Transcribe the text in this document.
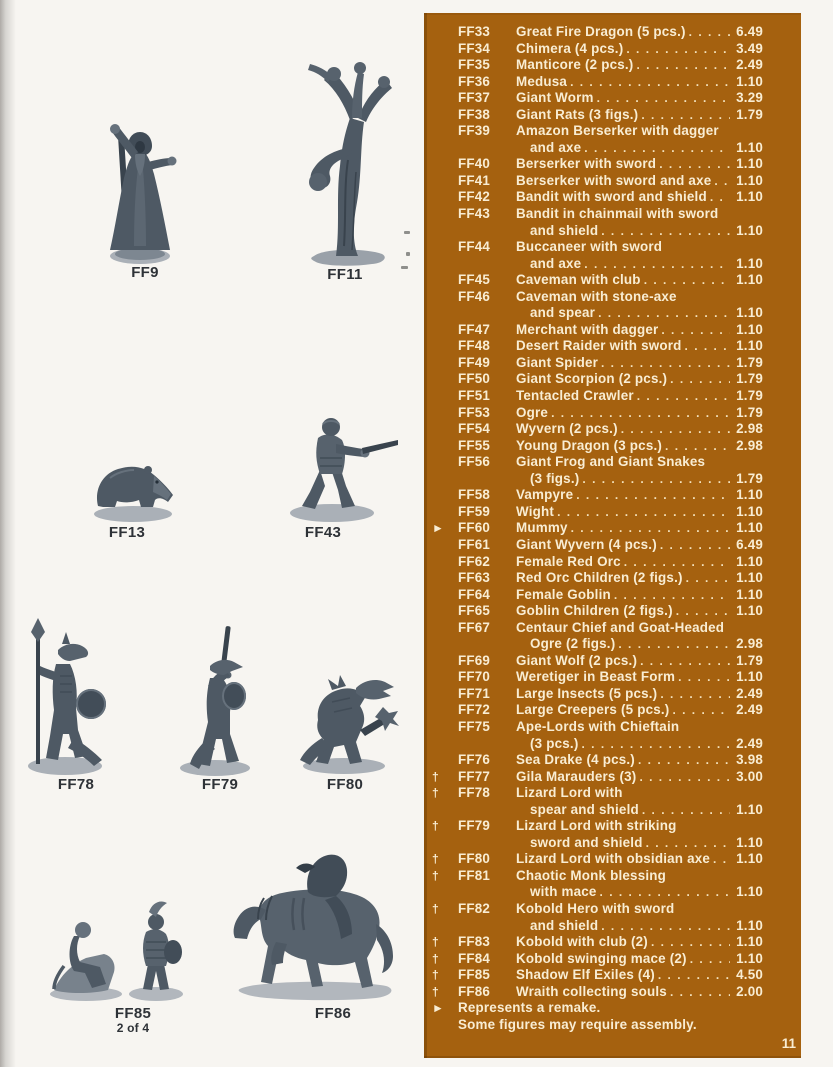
FF9	FF11
FF13	FF43
FF78	FF79	FF80
FF85
2 of 4
FF86
FF33	Great Fire Dragon (5 pcs.) . . .	6.49
FF34	Chimera (4 pcs.) . . .	3.49
FF35	Manticore (2 pcs.) . . .	2.49
FF36	Medusa . . .	1.10
FF37	Giant Worm . . .	3.29
FF38	Giant Rats (3 figs.) . . .	1.79
FF39	Amazon Berserker with dagger
and axe . . .	1.10
FF40	Berserker with sword . . .	1.10
FF41	Berserker with sword and axe . . . 1.10
FF42	Bandit with sword and shield . . . 1.10
FF43	Bandit in chainmail with sword
and shield . . .	1.10
FF44	Buccaneer with sword
and axe . . .	1.10
FF45	Caveman with club . . .	1.10
FF46	Caveman with stone-axe
and spear . . .	1.10
FF47	Merchant with dagger . . .	1.10
FF48	Desert Raider with sword . . .	1.10
FF49	Giant Spider . . .	1.79
FF50	Giant Scorpion (2 pcs.) . . .	1.79
FF51	Tentacled Crawler . . .	1.79
FF53	Ogre . . .	1.79
FF54	Wyvern (2 pcs.) . . .	2.98
FF55	Young Dragon (3 pcs.) . . .	2.98
FF56	Giant Frog and Giant Snakes
(3 figs.) . . .	1.79
FF58	Vampyre . . .	1.10
FF59	Wight . . .	1.10
►	FF60	Mummy . . .	1.10
FF61	Giant Wyvern (4 pcs.) . . .	6.49
FF62	Female Red Orc . . .	1.10
FF63	Red Orc Children (2 figs.) . . .	1.10
FF64	Female Goblin . . .	1.10
FF65	Goblin Children (2 figs.) . . .	1.10
FF67	Centaur Chief and Goat-Headed
Ogre (2 figs.) . . .	2.98
FF69	Giant Wolf (2 pcs.) . . .	1.79
FF70	Weretiger in Beast Form . . .	1.10
FF71	Large Insects (5 pcs.) . . .	2.49
FF72	Large Creepers (5 pcs.) . . .	2.49
FF75	Ape-Lords with Chieftain
(3 pcs.) . . .	2.49
FF76	Sea Drake (4 pcs.) . . .	3.98
†	FF77	Gila Marauders (3) . . .	3.00
†	FF78	Lizard Lord with
spear and shield . . .	1.10
†	FF79	Lizard Lord with striking
sword and shield . . .	1.10
†	FF80	Lizard Lord with obsidian axe . . . 1.10
†	FF81	Chaotic Monk blessing
with mace . . .	1.10
†	FF82	Kobold Hero with sword
and shield . . .	1.10
†	FF83	Kobold with club (2) . . .	1.10
†	FF84	Kobold swinging mace (2) . . .	1.10
†	FF85	Shadow Elf Exiles (4) . . .	4.50
†	FF86	Wraith collecting souls . . .	2.00
►	Represents a remake.
Some figures may require assembly.
11
